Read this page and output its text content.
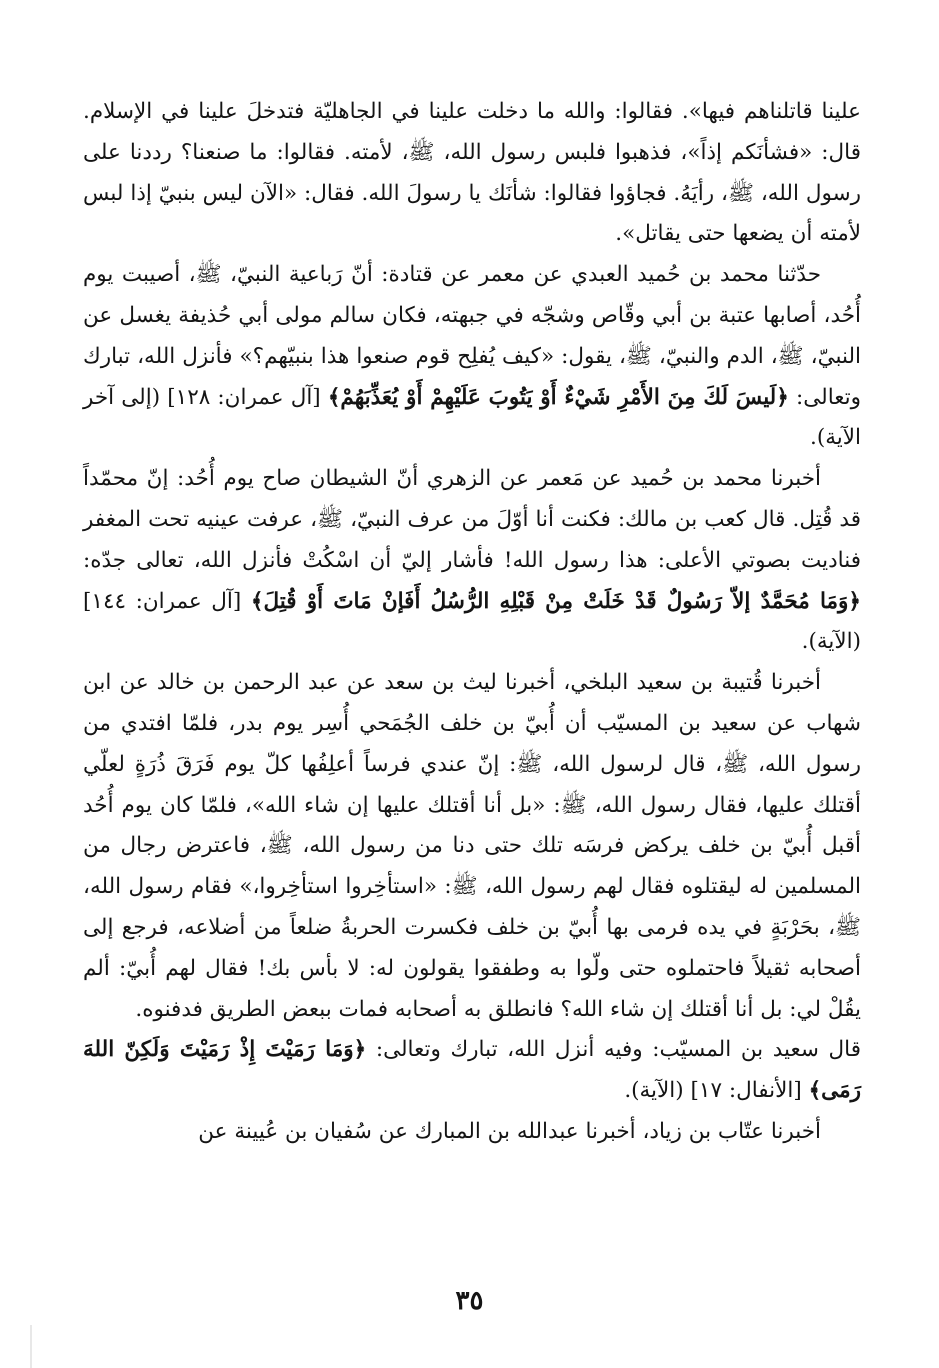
علينا قاتلناهم فيها». فقالوا: والله ما دخلت علينا في الجاهليّة فتدخلَ علينا في الإسلام. قال: «فشأنَكم إذاً»، فذهبوا فلبس رسول الله، ﷺ، لأمته. فقالوا: ما صنعنا؟ رددنا على رسول الله، ﷺ، رأيَهُ. فجاؤوا فقالوا: شأنَك يا رسولَ الله. فقال: «الآن ليس بنبيّ إذا لبس لأمته أن يضعها حتى يقاتل».

حدّثنا محمد بن حُميد العبدي عن معمر عن قتادة: أنّ رَباعية النبيّ، ﷺ، أصيبت يوم أُحُد، أصابها عتبة بن أبي وقّاص وشجّه في جبهته، فكان سالم مولى أبي حُذيفة يغسل عن النبيّ، ﷺ، الدم والنبيّ، ﷺ، يقول: «كيف يُفلِح قوم صنعوا هذا بنبيّهم؟» فأنزل الله، تبارك وتعالى: ﴿لَيسَ لَكَ مِنَ الأَمْرِ شَيْءٌ أَوْ يَتُوبَ عَلَيْهِمْ أَوْ يُعَذِّبَهُمْ﴾ [آل عمران: ١٢٨] (إلى آخر الآية).

أخبرنا محمد بن حُميد عن مَعمر عن الزهري أنّ الشيطان صاح يوم أُحُد: إنّ محمّداً قد قُتِل. قال كعب بن مالك: فكنت أنا أوّلَ من عرف النبيّ، ﷺ، عرفت عينيه تحت المغفر فناديت بصوتي الأعلى: هذا رسول الله! فأشار إليّ أن اسْكُتْ فأنزل الله، تعالى جدّه: ﴿وَمَا مُحَمَّدٌ إلاّ رَسُولٌ قَدْ خَلَتْ مِنْ قَبْلِهِ الرُّسُلُ أَفَإنْ مَاتَ أَوْ قُتِلَ﴾ [آل عمران: ١٤٤] (الآية).

أخبرنا قُتيبة بن سعيد البلخي، أخبرنا ليث بن سعد عن عبد الرحمن بن خالد عن ابن شهاب عن سعيد بن المسيّب أن أُبيّ بن خلف الجُمَحي أُسِر يوم بدر، فلمّا افتدي من رسول الله، ﷺ، قال لرسول الله، ﷺ: إنّ عندي فرساً أعلِفُها كلّ يوم فَرَقَ ذُرَةٍ لعلّي أقتلك عليها، فقال رسول الله، ﷺ: «بل أنا أقتلك عليها إن شاء الله»، فلمّا كان يوم أُحُد أقبل أُبيّ بن خلف يركض فرسَه تلك حتى دنا من رسول الله، ﷺ، فاعترض رجال من المسلمين له ليقتلوه فقال لهم رسول الله، ﷺ: «استأخِروا استأخِروا،» فقام رسول الله، ﷺ، بحَرْبَةٍ في يده فرمى بها أُبيّ بن خلف فكسرت الحربةُ ضلعاً من أضلاعه، فرجع إلى أصحابه ثقيلاً فاحتملوه حتى ولّوا به وطفقوا يقولون له: لا بأس بك! فقال لهم أُبيّ: ألم يقُلْ لي: بل أنا أقتلك إن شاء الله؟ فانطلق به أصحابه فمات ببعض الطريق فدفنوه.

قال سعيد بن المسيّب: وفيه أنزل الله، تبارك وتعالى: ﴿وَمَا رَمَيْتَ إِذْ رَمَيْتَ وَلَكِنّ اللهَ رَمَى﴾ [الأنفال: ١٧] (الآية).

أخبرنا عتّاب بن زياد، أخبرنا عبدالله بن المبارك عن سُفيان بن عُيينة عن

٣٥
